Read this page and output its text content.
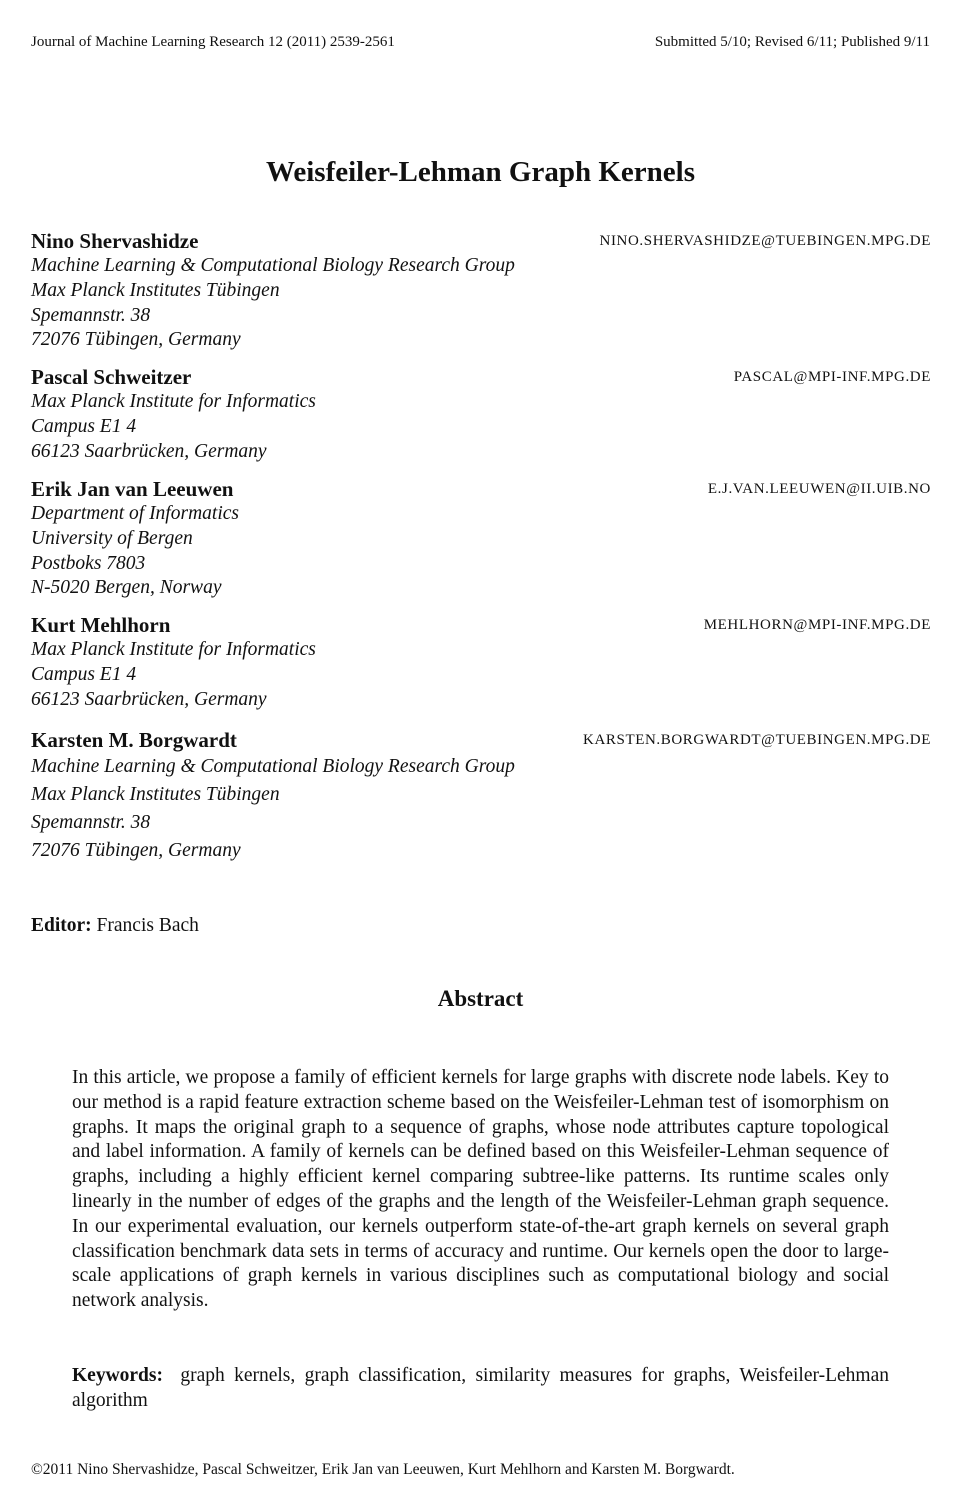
Journal of Machine Learning Research 12 (2011) 2539-2561	Submitted 5/10; Revised 6/11; Published 9/11
Weisfeiler-Lehman Graph Kernels
Nino Shervashidze	NINO.SHERVASHIDZE@TUEBINGEN.MPG.DE
Machine Learning & Computational Biology Research Group
Max Planck Institutes Tübingen
Spemannstr. 38
72076 Tübingen, Germany
Pascal Schweitzer	PASCAL@MPI-INF.MPG.DE
Max Planck Institute for Informatics
Campus E1 4
66123 Saarbrücken, Germany
Erik Jan van Leeuwen	E.J.VAN.LEEUWEN@II.UIB.NO
Department of Informatics
University of Bergen
Postboks 7803
N-5020 Bergen, Norway
Kurt Mehlhorn	MEHLHORN@MPI-INF.MPG.DE
Max Planck Institute for Informatics
Campus E1 4
66123 Saarbrücken, Germany
Karsten M. Borgwardt	KARSTEN.BORGWARDT@TUEBINGEN.MPG.DE
Machine Learning & Computational Biology Research Group
Max Planck Institutes Tübingen
Spemannstr. 38
72076 Tübingen, Germany
Editor: Francis Bach
Abstract
In this article, we propose a family of efficient kernels for large graphs with discrete node labels. Key to our method is a rapid feature extraction scheme based on the Weisfeiler-Lehman test of isomorphism on graphs. It maps the original graph to a sequence of graphs, whose node attributes capture topological and label information. A family of kernels can be defined based on this Weisfeiler-Lehman sequence of graphs, including a highly efficient kernel comparing subtree-like patterns. Its runtime scales only linearly in the number of edges of the graphs and the length of the Weisfeiler-Lehman graph sequence. In our experimental evaluation, our kernels outperform state-of-the-art graph kernels on several graph classification benchmark data sets in terms of accuracy and runtime. Our kernels open the door to large-scale applications of graph kernels in various disciplines such as computational biology and social network analysis.
Keywords: graph kernels, graph classification, similarity measures for graphs, Weisfeiler-Lehman algorithm
©2011 Nino Shervashidze, Pascal Schweitzer, Erik Jan van Leeuwen, Kurt Mehlhorn and Karsten M. Borgwardt.
